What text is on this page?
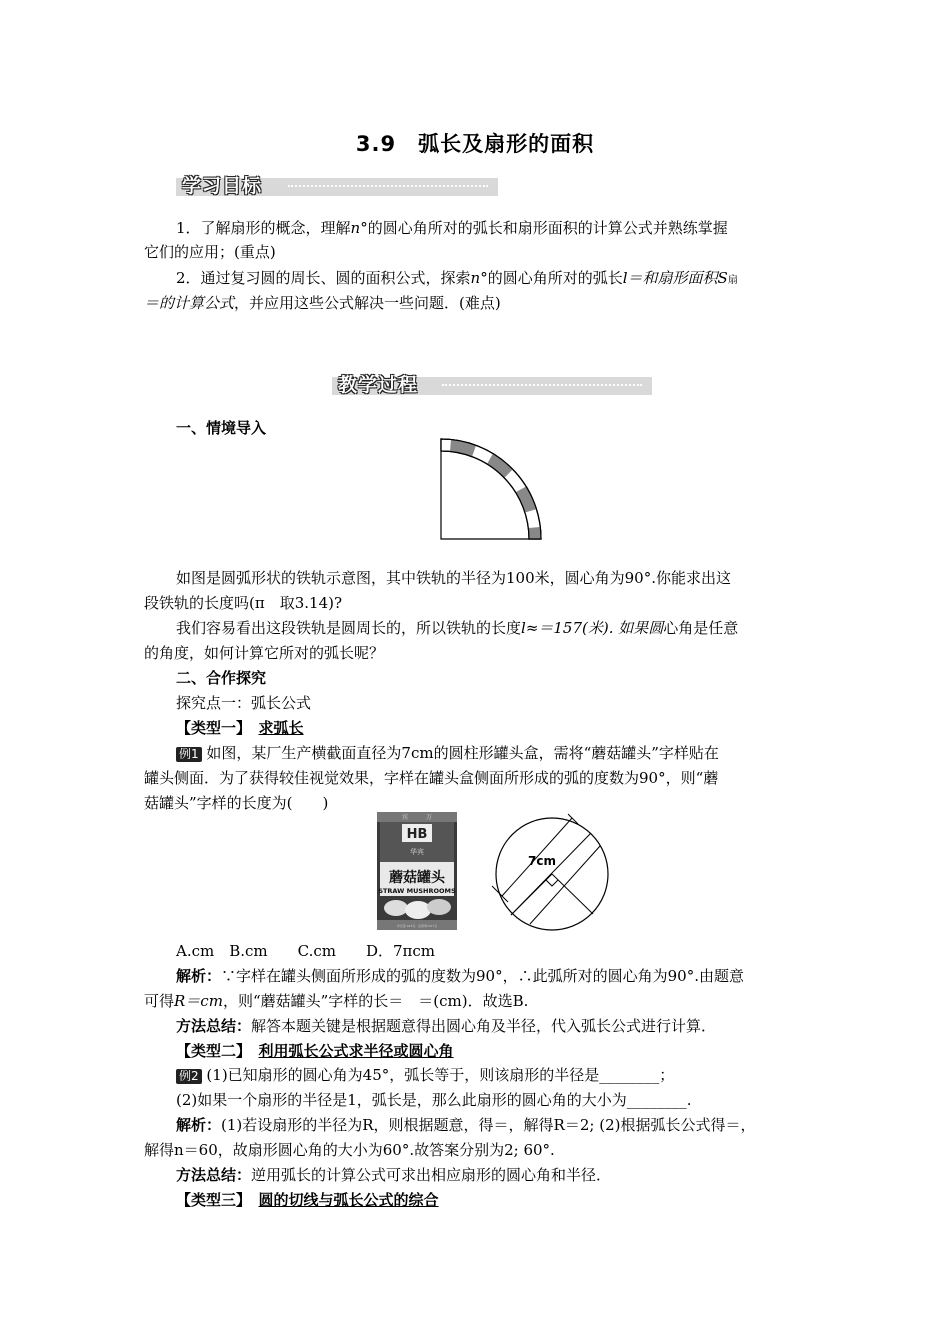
3.9　弧长及扇形的面积
学习目标
1．了解扇形的概念，理解n°的圆心角所对的弧长和扇形面积的计算公式并熟练掌握
它们的应用；(重点)
2．通过复习圆的周长、圆的面积公式，探索n°的圆心角所对的弧长l＝和扇形面积S扇
＝的计算公式，并应用这些公式解决一些问题．(难点)
教学过程
一、情境导入
如图是圆弧形状的铁轨示意图，其中铁轨的半径为100米，圆心角为90°.你能求出这
段铁轨的长度吗(π　取3.14)?
我们容易看出这段铁轨是圆周长的，所以铁轨的长度l≈＝157(米). 如果圆心角是任意
的角度，如何计算它所对的弧长呢？
二、合作探究
探究点一：弧长公式
【类型一】　 求弧长
例1 如图，某厂生产横截面直径为7cm的圆柱形罐头盒，需将“蘑菇罐头”字样贴在
罐头侧面．为了获得较佳视觉效果，字样在罐头盒侧面所形成的弧的度数为90°，则“蘑
菇罐头”字样的长度为(　　)
HB
华宾
宾　　　万
蘑菇罐头
STRAW MUSHROOMS
净含量:425克　固形物:227克
7cm
A.cm　B.cm　　C.cm　　D．7πcm
解析：∵字样在罐头侧面所形成的弧的度数为90°，∴此弧所对的圆心角为90°.由题意
可得R＝cm，则“蘑菇罐头”字样的长＝　＝(cm)．故选B.
方法总结：解答本题关键是根据题意得出圆心角及半径，代入弧长公式进行计算．
【类型二】　 利用弧长公式求半径或圆心角
例2 (1)已知扇形的圆心角为45°，弧长等于，则该扇形的半径是________；
(2)如果一个扇形的半径是1，弧长是，那么此扇形的圆心角的大小为________.
解析：(1)若设扇形的半径为R，则根据题意，得＝，解得R＝2; (2)根据弧长公式得＝，
解得n＝60，故扇形圆心角的大小为60°.故答案分别为2; 60°.
方法总结：逆用弧长的计算公式可求出相应扇形的圆心角和半径．
【类型三】　 圆的切线与弧长公式的综合
